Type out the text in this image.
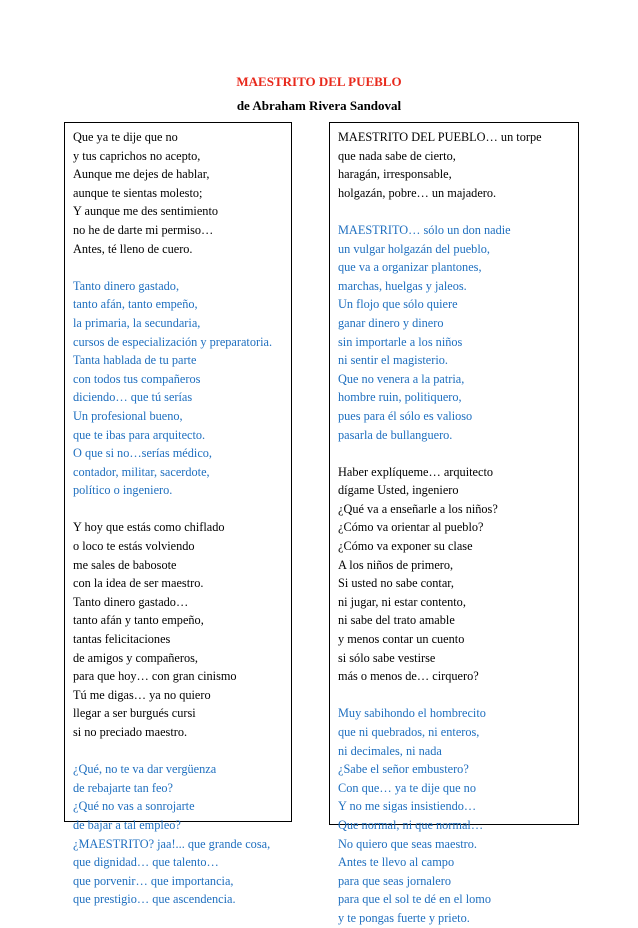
MAESTRITO DEL PUEBLO
de Abraham Rivera Sandoval
Que ya te dije que no
y tus caprichos no acepto,
Aunque me dejes de hablar,
aunque te sientas molesto;
Y aunque me des sentimiento
no he de darte mi permiso…
Antes, té lleno de cuero.
Tanto dinero gastado,
tanto afán, tanto empeño,
la primaria, la secundaria,
cursos de especialización y preparatoria.
Tanta hablada de tu parte
con todos tus compañeros
diciendo… que tú serías
Un profesional bueno,
que te ibas para arquitecto.
O que si no…serías médico,
contador, militar, sacerdote,
político o ingeniero.
Y hoy que estás como chiflado
o loco te estás volviendo
me sales de babosote
con la idea de ser maestro.
Tanto dinero gastado…
tanto afán y tanto empeño,
tantas felicitaciones
de amigos y compañeros,
para que hoy… con gran cinismo
Tú me digas… ya no quiero
llegar a ser burgués cursi
si no preciado maestro.
¿Qué, no te va dar vergüenza
de rebajarte tan feo?
¿Qué no vas a sonrojarte
de bajar a tal empleo?
¿MAESTRITO? jaa!... que grande cosa,
que dignidad… que talento…
que porvenir… que importancia,
que prestigio… que ascendencia.
MAESTRITO DEL PUEBLO… un torpe
que nada sabe de cierto,
haragán, irresponsable,
holgazán, pobre… un majadero.
MAESTRITO… sólo un don nadie
un vulgar holgazán del pueblo,
que va a organizar plantones,
marchas, huelgas y jaleos.
Un flojo que sólo quiere
ganar dinero y dinero
sin importarle a los niños
ni sentir el magisterio.
Que no venera a la patria,
hombre ruin, politiquero,
pues para él sólo es valioso
pasarla de bullanguero.
Haber explíqueme… arquitecto
dígame Usted, ingeniero
¿Qué va a enseñarle a los niños?
¿Cómo va orientar al pueblo?
¿Cómo va exponer su clase
A los niños de primero,
Si usted no sabe contar,
ni jugar, ni estar contento,
ni sabe del trato amable
y menos contar un cuento
si sólo sabe vestirse
más o menos de… cirquero?
Muy sabihondo el hombrecito
que ni quebrados, ni enteros,
ni decimales, ni nada
¿Sabe el señor embustero?
Con que… ya te dije que no
Y no me sigas insistiendo…
Que normal, ni que normal…
No quiero que seas maestro.
Antes te llevo al campo
para que seas jornalero
para que el sol te dé en el lomo
y te pongas fuerte y prieto.
